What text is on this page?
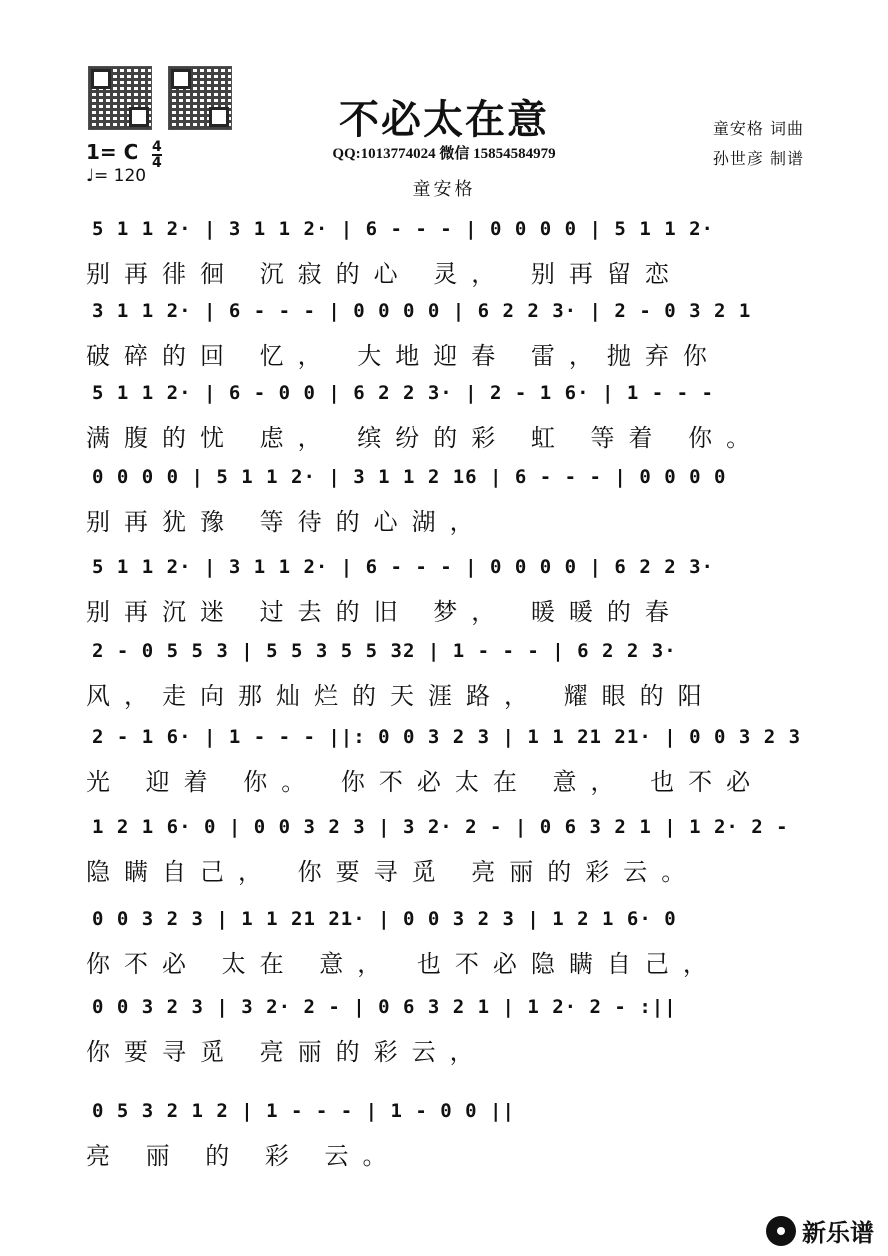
不必太在意
QQ:1013774024 微信 15854584979
童安格
童安格 词曲
孙世彦 制谱
1= C $\frac{4}{4}$
♩= 120
5 1 1 2· | 3 1 1 2· | 6 - - - | 0 0 0 0 | 5 1 1 2·
别再徘徊 沉寂的心 灵， 别再留恋
3 1 1 2· | 6 - - - | 0 0 0 0 | 6 2 2 3· | 2 - 0 3 2 1
破碎的回 忆， 大地迎春 雷，抛弃你
5 1 1 2· | 6 - 0 0 | 6 2 2 3· | 2 - 1 6· | 1 - - -
满腹的忧 虑， 缤纷的彩 虹 等着 你。
0 0 0 0 | 5 1 1 2· | 3 1 1 2 16 | 6 - - - | 0 0 0 0
别再犹豫 等待的心湖，
5 1 1 2· | 3 1 1 2· | 6 - - - | 0 0 0 0 | 6 2 2 3·
别再沉迷 过去的旧 梦， 暖暖的春
2 - 0 5 5 3 | 5 5 3 5 5 32 | 1 - - - | 6 2 2 3·
风，走向那灿烂的天涯路， 耀眼的阳
2 - 1 6· | 1 - - - ||: 0 0 3 2 3 | 1 1 21 21· | 0 0 3 2 3
光 迎着 你。 你不必太在 意， 也不必
1 2 1 6· 0 | 0 0 3 2 3 | 3 2· 2 - | 0 6 3 2 1 | 1 2· 2 -
隐瞒自己， 你要寻觅 亮丽的彩云。
0 0 3 2 3 | 1 1 21 21· | 0 0 3 2 3 | 1 2 1 6· 0
你不必 太在 意， 也不必隐瞒自己，
0 0 3 2 3 | 3 2· 2 - | 0 6 3 2 1 | 1 2· 2 - :||
你要寻觅 亮丽的彩云，
0 5 3 2 1 2 | 1 - - - | 1 - 0 0 ||
亮 丽 的 彩 云。
新乐谱
